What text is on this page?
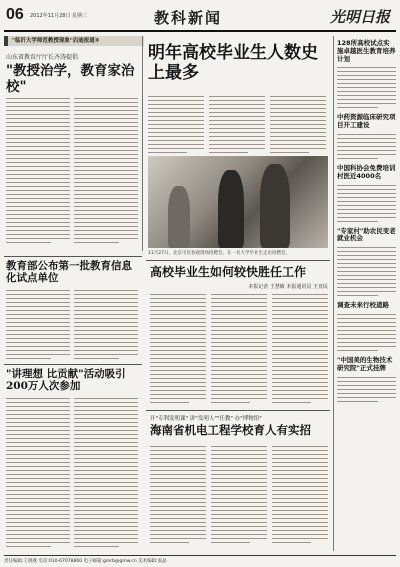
06 2012年11月28日 星期三	教科新闻	光明日报
"临沂大学师范教授现象"启迪报道③
山东省教育厅厅长齐涛提倡
"教授治学，教育家治校"
明年高校毕业生人数史上最多
11月27日，北京市民参观现场招聘会，在一名大学毕业生走访招聘会。
128所高校试点实施卓越医生教育培养计划
中药资源临床研究项目开工建设
中国科协会免费培训村医近4000名
"专家村"助农民变老就业机会
调查未来行校道路
"中国美的生物技术研究院"正式挂牌
教育部公布第一批教育信息化试点单位
"讲理想 比贡献"活动吸引200万人次参加
高校毕业生如何较快胜任工作
本报记者 王慧敏 本报通讯员 王亚民
开"专利发明课" 讲"发明人""任教" 办"博物馆"
海南省机电工程学校育人有实招
责任编辑:王晓燕 电话:010-67078860 电子邮箱:gmrb@gmw.cn 美术编辑:张晶
